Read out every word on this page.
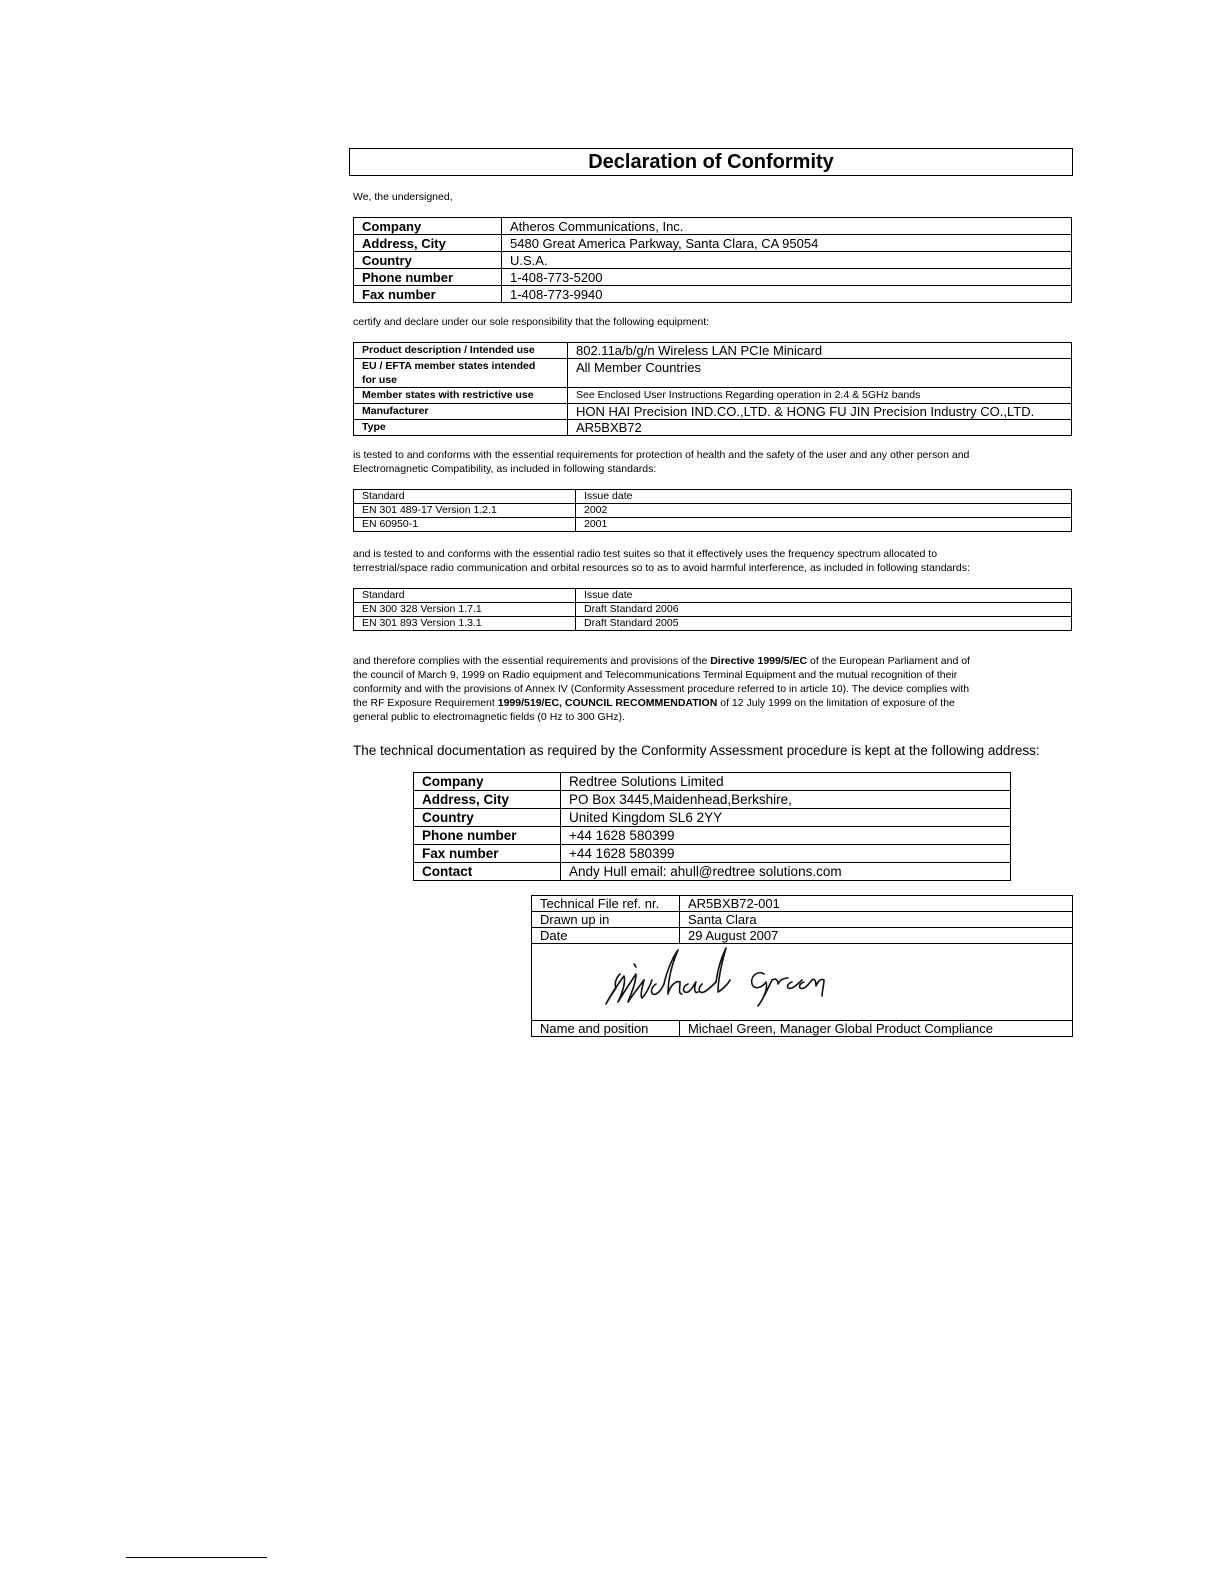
Declaration of Conformity
We, the undersigned,
Company	Atheros Communications, Inc.
Address, City	5480 Great America Parkway, Santa Clara, CA 95054
Country	U.S.A.
Phone number	1-408-773-5200
Fax number	1-408-773-9940
certify and declare under our sole responsibility that the following equipment:
Product description / Intended use	802.11a/b/g/n Wireless LAN PCIe Minicard
EU / EFTA member states intended
for use	All Member Countries
Member states with restrictive use	See Enclosed User Instructions Regarding operation in 2.4 & 5GHz bands
Manufacturer	HON HAI Precision IND.CO.,LTD. & HONG FU JIN Precision Industry CO.,LTD.
Type	AR5BXB72
is tested to and conforms with the essential requirements for protection of health and the safety of the user and any other person and
Electromagnetic Compatibility, as included in following standards:
Standard	Issue date
EN 301 489-17 Version 1.2.1	2002
EN 60950-1	2001
and is tested to and conforms with the essential radio test suites so that it effectively uses the frequency spectrum allocated to
terrestrial/space radio communication and orbital resources so to as to avoid harmful interference, as included in following standards:
Standard	Issue date
EN 300 328 Version 1.7.1	Draft Standard 2006
EN 301 893 Version 1.3.1	Draft Standard 2005
and therefore complies with the essential requirements and provisions of the Directive 1999/5/EC of the European Parliament and of
the council of March 9, 1999 on Radio equipment and Telecommunications Terminal Equipment and the mutual recognition of their
conformity and with the provisions of Annex IV (Conformity Assessment procedure referred to in article 10). The device complies with
the RF Exposure Requirement 1999/519/EC, COUNCIL RECOMMENDATION of 12 July 1999 on the limitation of exposure of the
general public to electromagnetic fields (0 Hz to 300 GHz).
The technical documentation as required by the Conformity Assessment procedure is kept at the following address:
Company	Redtree Solutions Limited
Address, City	PO Box 3445,Maidenhead,Berkshire,
Country	United Kingdom SL6 2YY
Phone number	+44 1628 580399
Fax number	+44 1628 580399
Contact	Andy Hull email: ahull@redtree solutions.com
Technical File ref. nr.	AR5BXB72-001
Drawn up in	Santa Clara
Date	29 August 2007

Name and position	Michael Green, Manager Global Product Compliance
